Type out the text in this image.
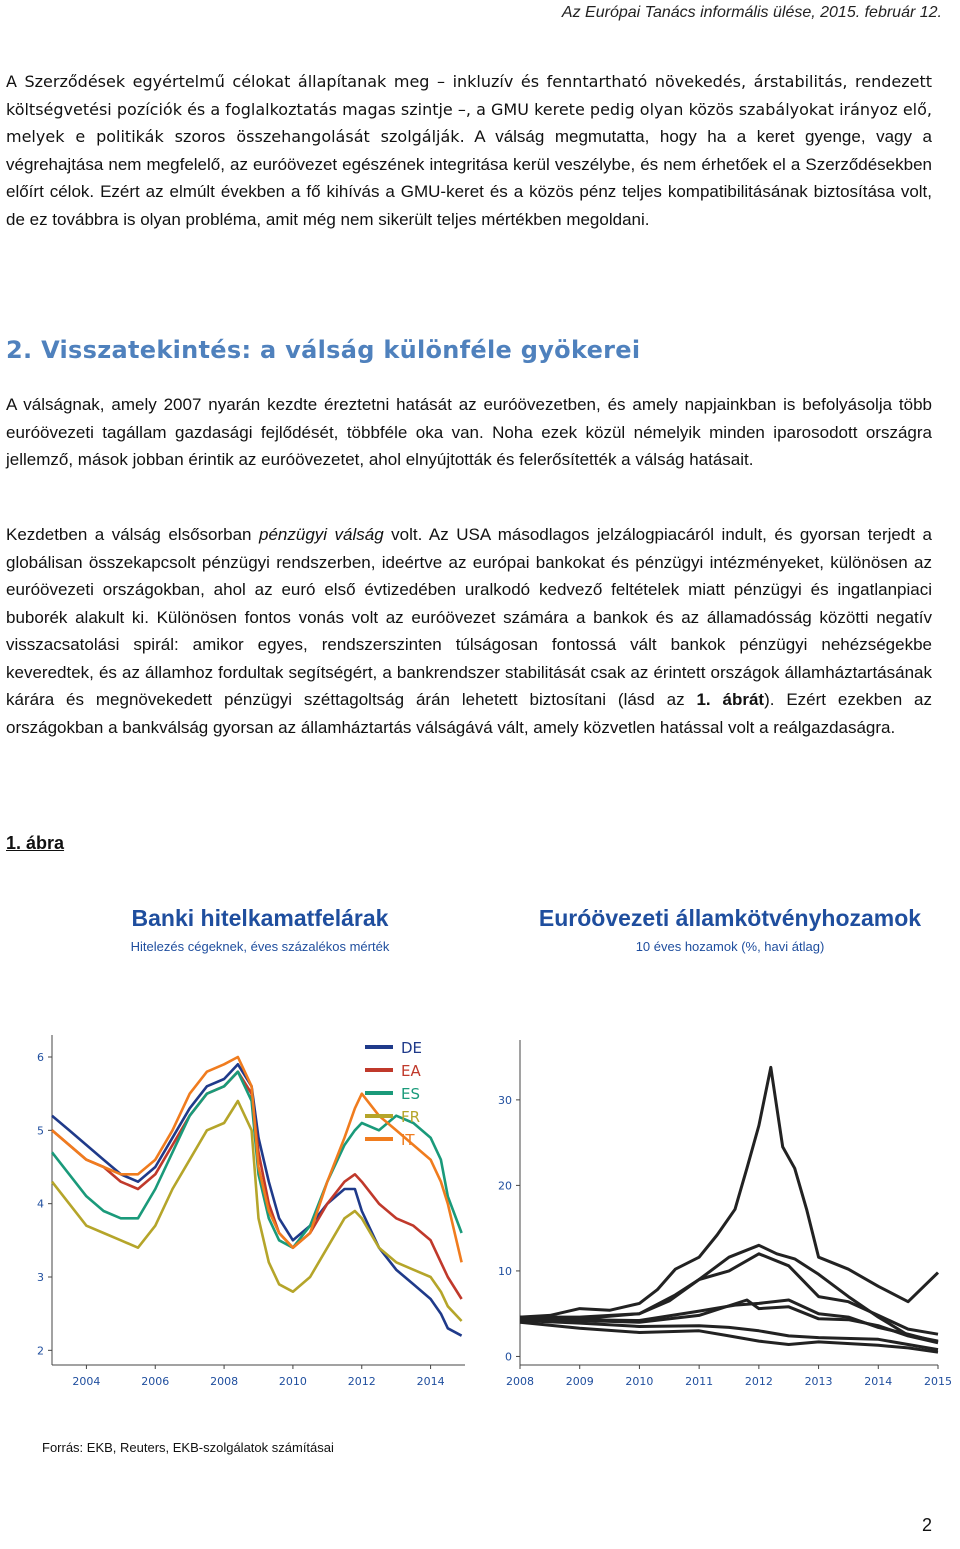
Az Európai Tanács informális ülése, 2015. február 12.

A Szerződések egyértelmű célokat állapítanak meg – inkluzív és fenntartható növekedés, árstabilitás, rendezett költségvetési pozíciók és a foglalkoztatás magas szintje –, a GMU kerete pedig olyan közös szabályokat irányoz elő, melyek e politikák szoros összehangolását szolgálják. A válság megmutatta, hogy ha a keret gyenge, vagy a végrehajtása nem megfelelő, az euróövezet egészének integritása kerül veszélybe, és nem érhetőek el a Szerződésekben előírt célok. Ezért az elmúlt években a fő kihívás a GMU-keret és a közös pénz teljes kompatibilitásának biztosítása volt, de ez továbbra is olyan probléma, amit még nem sikerült teljes mértékben megoldani.

2. Visszatekintés: a válság különféle gyökerei

A válságnak, amely 2007 nyarán kezdte éreztetni hatását az euróövezetben, és amely napjainkban is befolyásolja több euróövezeti tagállam gazdasági fejlődését, többféle oka van. Noha ezek közül némelyik minden iparosodott országra jellemző, mások jobban érintik az euróövezetet, ahol elnyújtották és felerősítették a válság hatásait.

Kezdetben a válság elsősorban pénzügyi válság volt. Az USA másodlagos jelzálogpiacáról indult, és gyorsan terjedt a globálisan összekapcsolt pénzügyi rendszerben, ideértve az európai bankokat és pénzügyi intézményeket, különösen az euróövezeti országokban, ahol az euró első évtizedében uralkodó kedvező feltételek miatt pénzügyi és ingatlanpiaci buborék alakult ki. Különösen fontos vonás volt az euróövezet számára a bankok és az államadósság közötti negatív visszacsatolási spirál: amikor egyes, rendszerszinten túlságosan fontossá vált bankok pénzügyi nehézségekbe keveredtek, és az államhoz fordultak segítségért, a bankrendszer stabilitását csak az érintett országok államháztartásának kárára és megnövekedett pénzügyi széttagoltság árán lehetett biztosítani (lásd az 1. ábrát). Ezért ezekben az országokban a bankválság gyorsan az államháztartás válságává vált, amely közvetlen hatással volt a reálgazdaságra.

1. ábra
Banki hitelkamatfelárak
Hitelezés cégeknek, éves százalékos mérték
Euróövezeti államkötvényhozamok
10 éves hozamok (%, havi átlag)
2
3
4
5
6
2004	2006	2008	2010	2012	2014
DE
EA
ES
FR
IT
0
10
20
30
2008	2009	2010	2011	2012	2013	2014	2015
Forrás: EKB, Reuters, EKB-szolgálatok számításai
2
